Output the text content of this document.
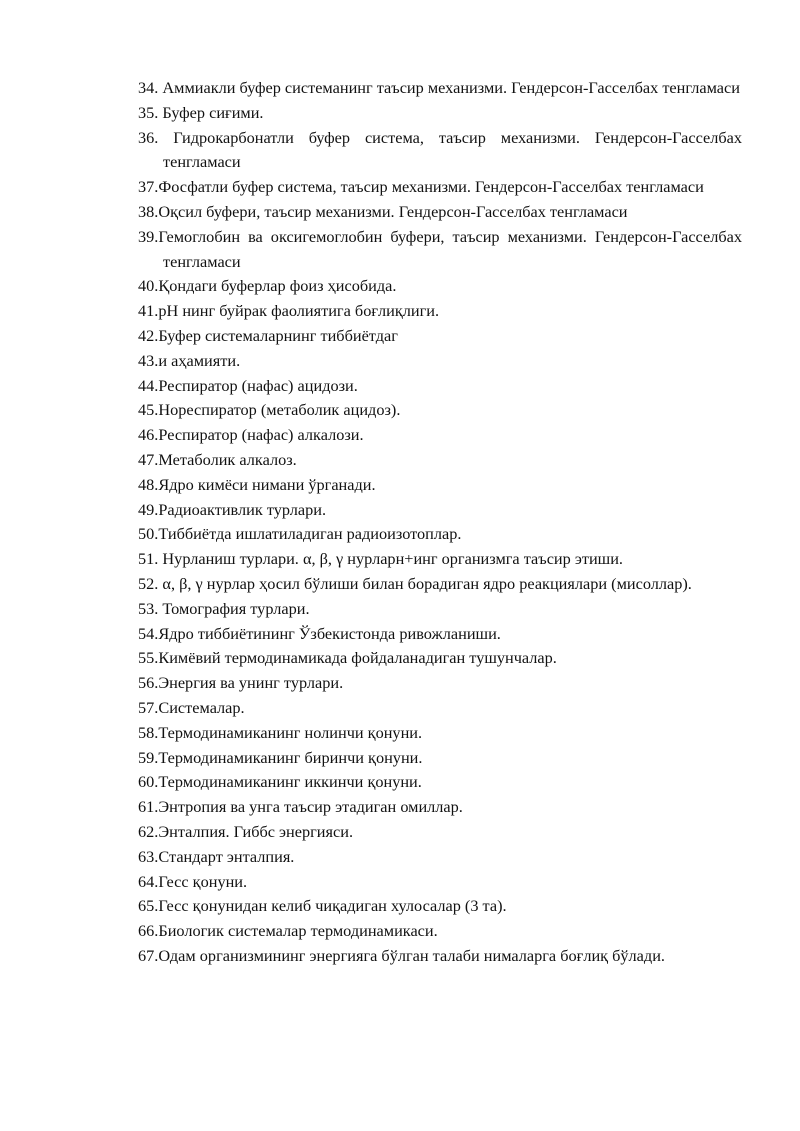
34. Аммиакли буфер системанинг таъсир механизми. Гендерсон-Гасселбах тенгламаси
35. Буфер сиғими.
36. Гидрокарбонатли буфер система, таъсир механизми. Гендерсон-Гасселбах тенгламаси
37.Фосфатли буфер система, таъсир механизми. Гендерсон-Гасселбах тенгламаси
38.Оқсил буфери, таъсир механизми. Гендерсон-Гасселбах тенгламаси
39.Гемоглобин ва оксигемоглобин буфери, таъсир механизми. Гендерсон-Гасселбах тенгламаси
40.Қондаги буферлар фоиз ҳисобида.
41.pH нинг буйрак фаолиятига боғлиқлиги.
42.Буфер системаларнинг тиббиётдаг
43.и аҳамияти.
44.Респиратор (нафас) ацидози.
45.Нореспиратор (метаболик ацидоз).
46.Респиратор (нафас) алкалози.
47.Метаболик алкалоз.
48.Ядро кимёси нимани ўрганади.
49.Радиоактивлик турлари.
50.Тиббиётда ишлатиладиган радиоизотоплар.
51. Нурланиш турлари. α, β, γ нурларн+инг организмга таъсир этиши.
52. α, β, γ нурлар ҳосил бўлиши билан борадиган ядро реакциялари (мисоллар).
53. Томография турлари.
54.Ядро тиббиётининг Ўзбекистонда ривожланиши.
55.Кимёвий термодинамикада фойдаланадиган тушунчалар.
56.Энергия ва унинг турлари.
57.Системалар.
58.Термодинамиканинг нолинчи қонуни.
59.Термодинамиканинг биринчи қонуни.
60.Термодинамиканинг иккинчи қонуни.
61.Энтропия ва унга таъсир этадиган омиллар.
62.Энталпия. Гиббс энергияси.
63.Стандарт энталпия.
64.Гесс қонуни.
65.Гесс қонунидан келиб чиқадиган хулосалар (3 та).
66.Биологик системалар термодинамикаси.
67.Одам организмининг энергияга бўлган талаби нималарга боғлиқ бўлади.
